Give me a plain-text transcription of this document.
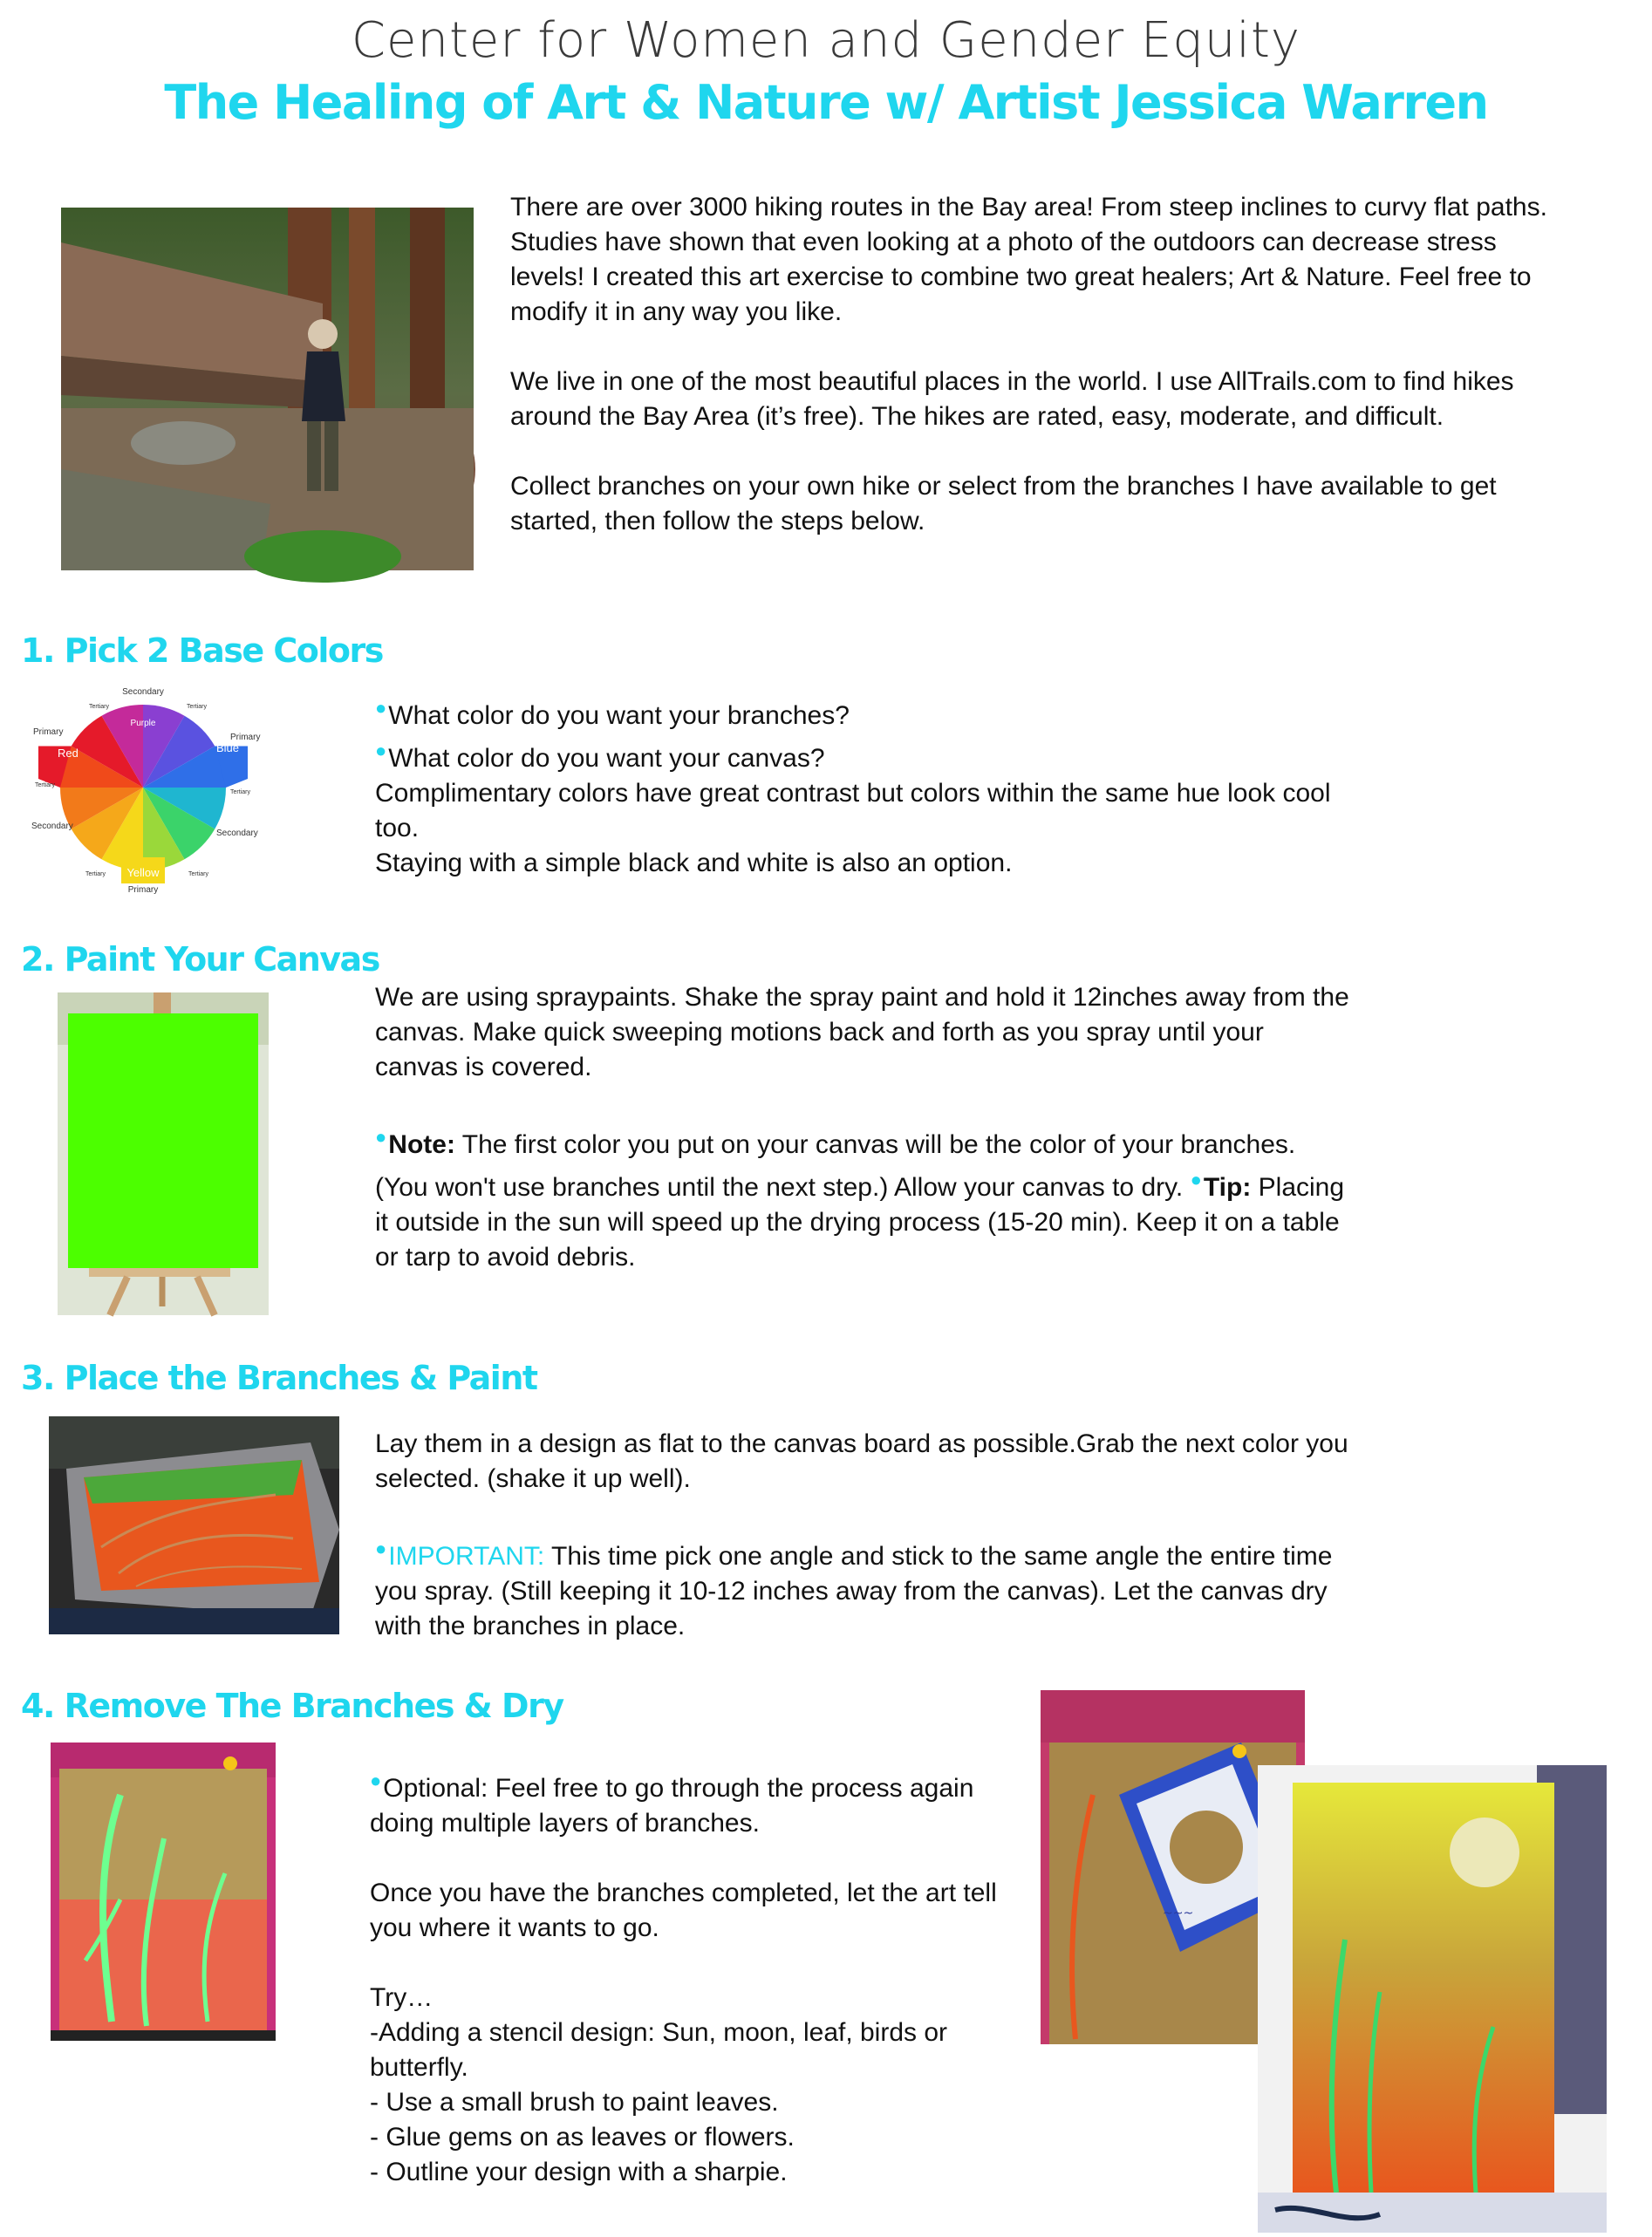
Center for Women and Gender Equity
The Healing of Art & Nature w/ Artist Jessica Warren

There are over 3000 hiking routes in the Bay area! From steep inclines to curvy flat paths. Studies have shown that even looking at a photo of the outdoors can decrease stress levels! I created this art exercise to combine two great healers; Art & Nature. Feel free to modify it in any way you like.

We live in one of the most beautiful places in the world. I use AllTrails.com to find hikes around the Bay Area (it’s free). The hikes are rated, easy, moderate, and difficult.

Collect branches on your own hike or select from the branches I have available to get started, then follow the steps below.

1. Pick 2 Base Colors
Secondary
Primary
Primary
Primary
Secondary
Secondary
Red	Blue
Yellow
Purple
Tertiary	Tertiary
Tertiary
Tertiary
Tertiary	Tertiary

●What color do you want your branches?

●What color do you want your canvas?

Complimentary colors have great contrast but colors within the same hue look cool too.

Staying with a simple black and white is also an option.

2. Paint Your Canvas

We are using spraypaints. Shake the spray paint and hold it 12inches away from the canvas. Make quick sweeping motions back and forth as you spray until your canvas is covered.

●Note: The first color you put on your canvas will be the color of your branches. (You won't use branches until the next step.) Allow your canvas to dry. ●Tip: Placing it outside in the sun will speed up the drying process (15-20 min). Keep it on a table or tarp to avoid debris.

3. Place the Branches & Paint

Lay them in a design as flat to the canvas board as possible.Grab the next color you selected. (shake it up well).

●IMPORTANT: This time pick one angle and stick to the same angle the entire time you spray. (Still keeping it 10-12 inches away from the canvas). Let the canvas dry with the branches in place.

4. Remove The Branches & Dry

●Optional: Feel free to go through the process again doing multiple layers of branches.

Once you have the branches completed, let the art tell you where it wants to go.

Try…

-Adding a stencil design: Sun, moon, leaf, birds or butterfly.

- Use a small brush to paint leaves.

- Glue gems on as leaves or flowers.

- Outline your design with a sharpie.

~~~
